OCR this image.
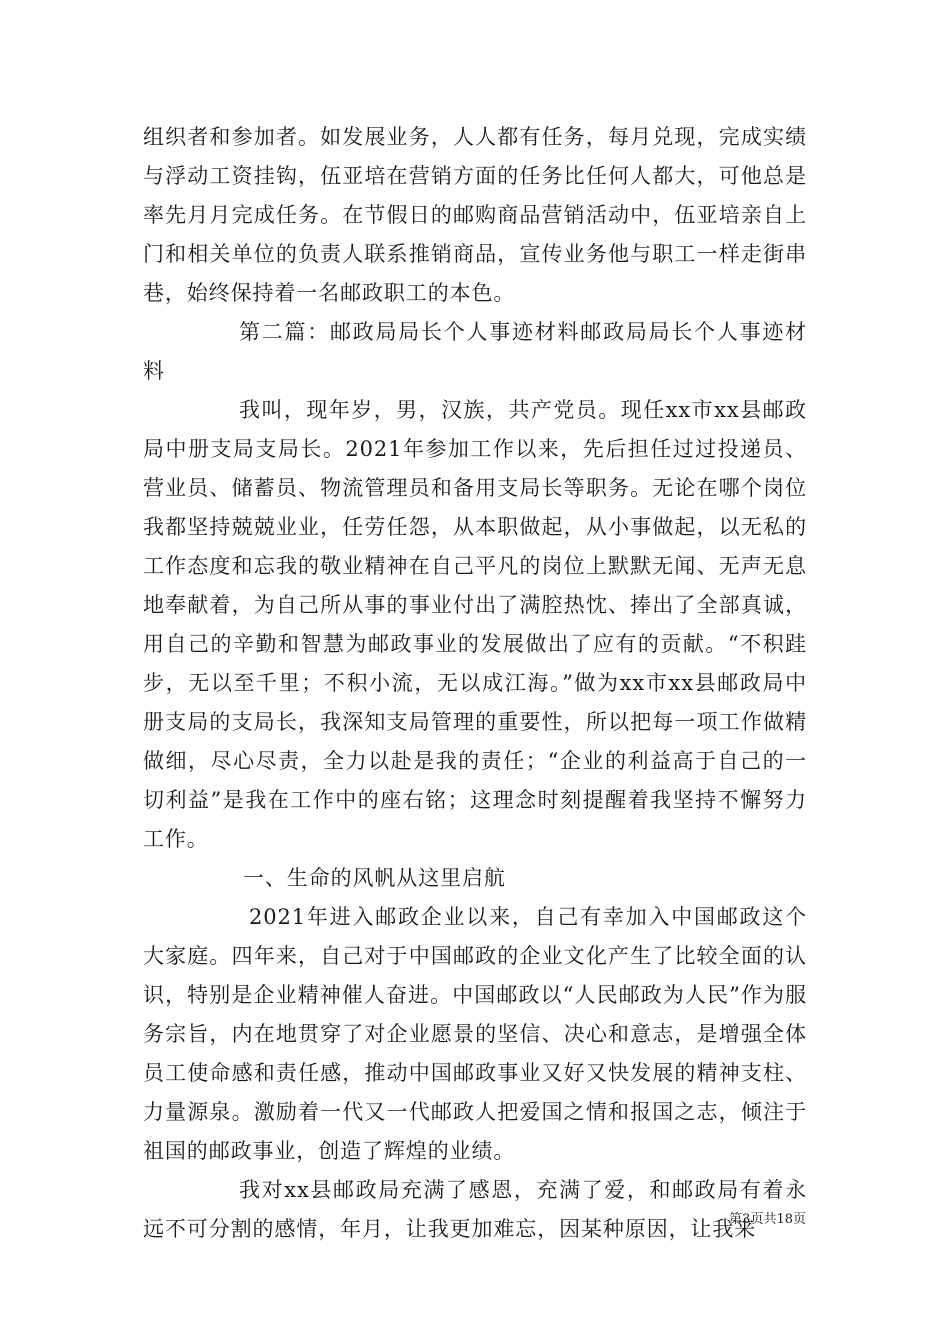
组织者和参加者。如发展业务，人人都有任务，每月兑现，完成实绩与浮动工资挂钩，伍亚培在营销方面的任务比任何人都大，可他总是率先月月完成任务。在节假日的邮购商品营销活动中，伍亚培亲自上门和相关单位的负责人联系推销商品，宣传业务他与职工一样走街串巷，始终保持着一名邮政职工的本色。

第二篇：邮政局局长个人事迹材料邮政局局长个人事迹材料

我叫，现年岁，男，汉族，共产党员。现任xx市xx县邮政局中册支局支局长。2021年参加工作以来，先后担任过过投递员、营业员、储蓄员、物流管理员和备用支局长等职务。无论在哪个岗位我都坚持兢兢业业，任劳任怨，从本职做起，从小事做起，以无私的工作态度和忘我的敬业精神在自己平凡的岗位上默默无闻、无声无息地奉献着，为自己所从事的事业付出了满腔热忱、捧出了全部真诚，用自己的辛勤和智慧为邮政事业的发展做出了应有的贡献。“不积跬步，无以至千里；不积小流，无以成江海。”做为xx市xx县邮政局中册支局的支局长，我深知支局管理的重要性，所以把每一项工作做精做细，尽心尽责，全力以赴是我的责任；“企业的利益高于自己的一切利益”是我在工作中的座右铭；这理念时刻提醒着我坚持不懈努力工作。

一、生命的风帆从这里启航

2021年进入邮政企业以来，自己有幸加入中国邮政这个大家庭。四年来，自己对于中国邮政的企业文化产生了比较全面的认识，特别是企业精神催人奋进。中国邮政以“人民邮政为人民”作为服务宗旨，内在地贯穿了对企业愿景的坚信、决心和意志，是增强全体员工使命感和责任感，推动中国邮政事业又好又快发展的精神支柱、力量源泉。激励着一代又一代邮政人把爱国之情和报国之志，倾注于祖国的邮政事业，创造了辉煌的业绩。

我对xx县邮政局充满了感恩，充满了爱，和邮政局有着永远不可分割的感情，年月，让我更加难忘，因某种原因，让我来

第3页共18页
